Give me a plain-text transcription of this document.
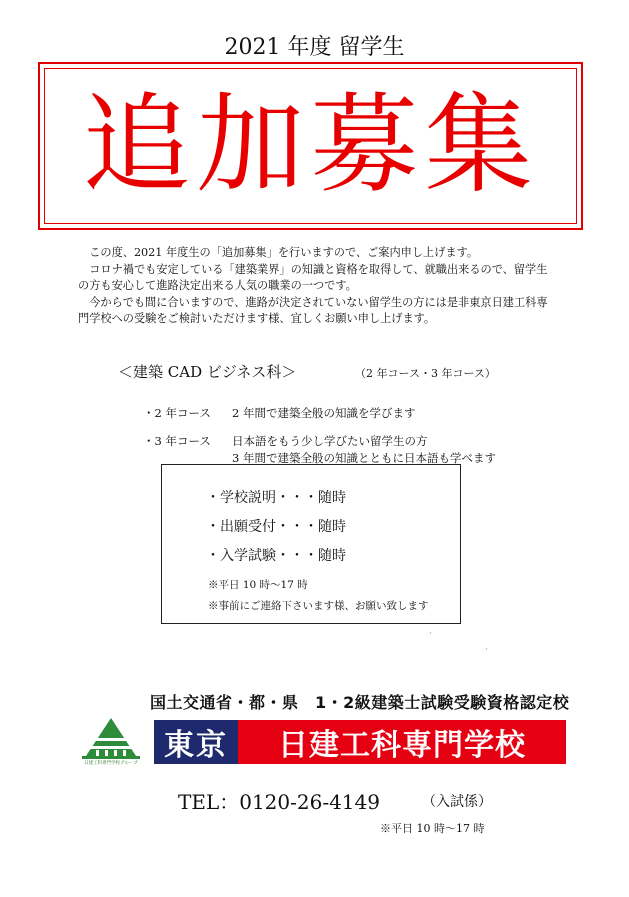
2021 年度 留学生
追加募集
この度、2021 年度生の「追加募集」を行いますので、ご案内申し上げます。
コロナ禍でも安定している「建築業界」の知識と資格を取得して、就職出来るので、留学生の方も安心して進路決定出来る人気の職業の一つです。
今からでも間に合いますので、進路が決定されていない留学生の方には是非東京日建工科専門学校への受験をご検討いただけます様、宜しくお願い申し上げます。
＜建築 CAD ビジネス科＞	（2 年コース・3 年コース）
・2 年コース 2 年間で建築全般の知識を学びます
・3 年コース 日本語をもう少し学びたい留学生の方
3 年間で建築全般の知識とともに日本語も学べます
・学校説明・・・随時
・出願受付・・・随時
・入学試験・・・随時
※平日 10 時～17 時
※事前にご連絡下さいます様、お願い致します
'
'
国土交通省・都・県　1・2級建築士試験受験資格認定校
日建工科専門学校グループ
東京	日建工科専門学校
TEL：0120-26-4149	（入試係）
※平日 10 時～17 時
